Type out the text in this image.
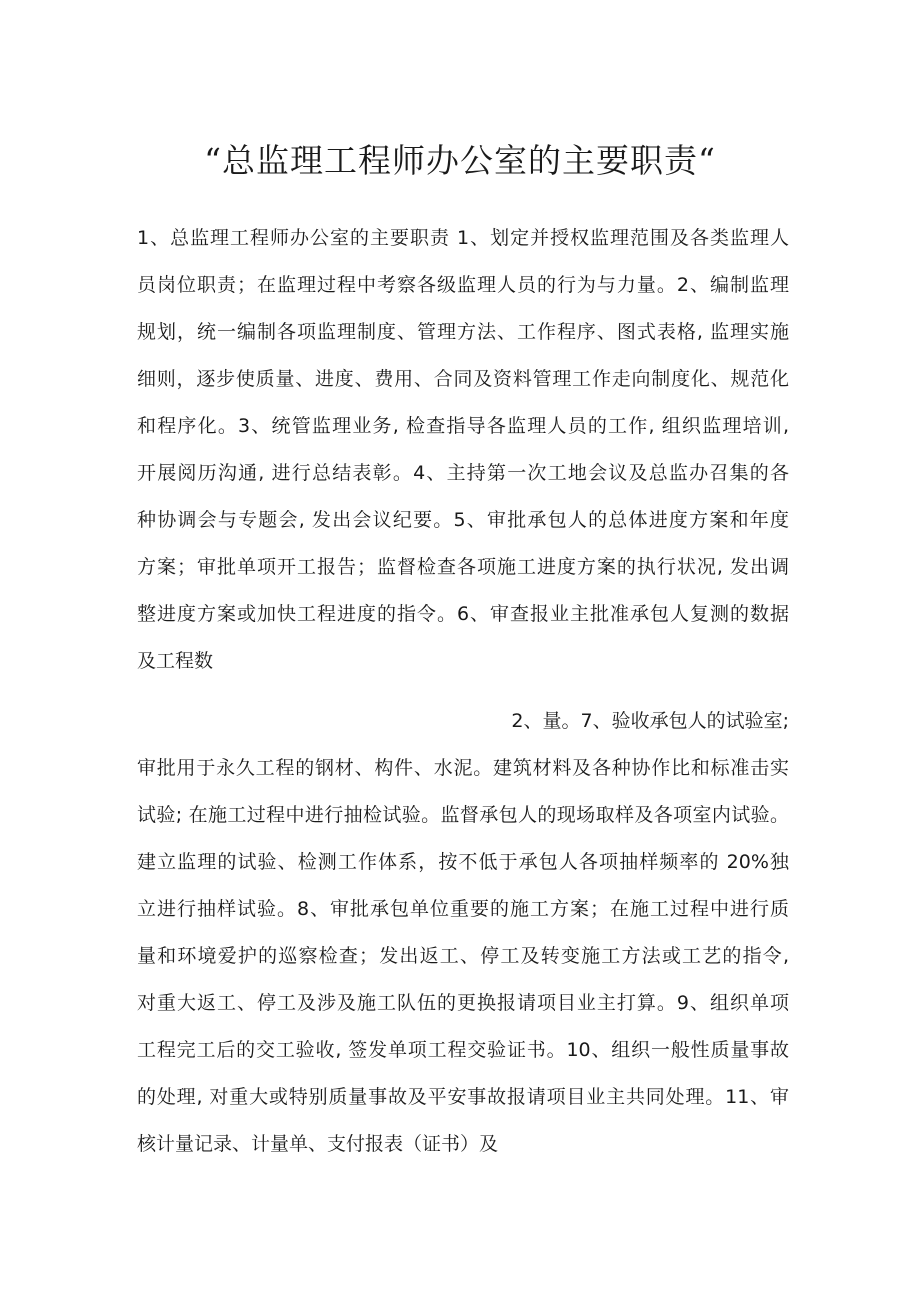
“总监理工程师办公室的主要职责“
1、总监理工程师办公室的主要职责 1、划定并授权监理范围及各类监理人
员岗位职责；在监理过程中考察各级监理人员的行为与力量。2、编制监理
规划，统一编制各项监理制度、管理方法、工作程序、图式表格, 监理实施
细则，逐步使质量、进度、费用、合同及资料管理工作走向制度化、规范化
和程序化。3、统管监理业务, 检查指导各监理人员的工作, 组织监理培训,
开展阅历沟通, 进行总结表彰。4、主持第一次工地会议及总监办召集的各
种协调会与专题会, 发出会议纪要。5、审批承包人的总体进度方案和年度
方案；审批单项开工报告；监督检查各项施工进度方案的执行状况, 发出调
整进度方案或加快工程进度的指令。6、审查报业主批准承包人复测的数据
及工程数
2、量。7、验收承包人的试验室;
审批用于永久工程的钢材、构件、水泥。建筑材料及各种协作比和标准击实
试验; 在施工过程中进行抽检试验。监督承包人的现场取样及各项室内试验。
建立监理的试验、检测工作体系，按不低于承包人各项抽样频率的 20%独
立进行抽样试验。8、审批承包单位重要的施工方案；在施工过程中进行质
量和环境爱护的巡察检查；发出返工、停工及转变施工方法或工艺的指令,
对重大返工、停工及涉及施工队伍的更换报请项目业主打算。9、组织单项
工程完工后的交工验收, 签发单项工程交验证书。10、组织一般性质量事故
的处理, 对重大或特别质量事故及平安事故报请项目业主共同处理。11、审
核计量记录、计量单、支付报表（证书）及
